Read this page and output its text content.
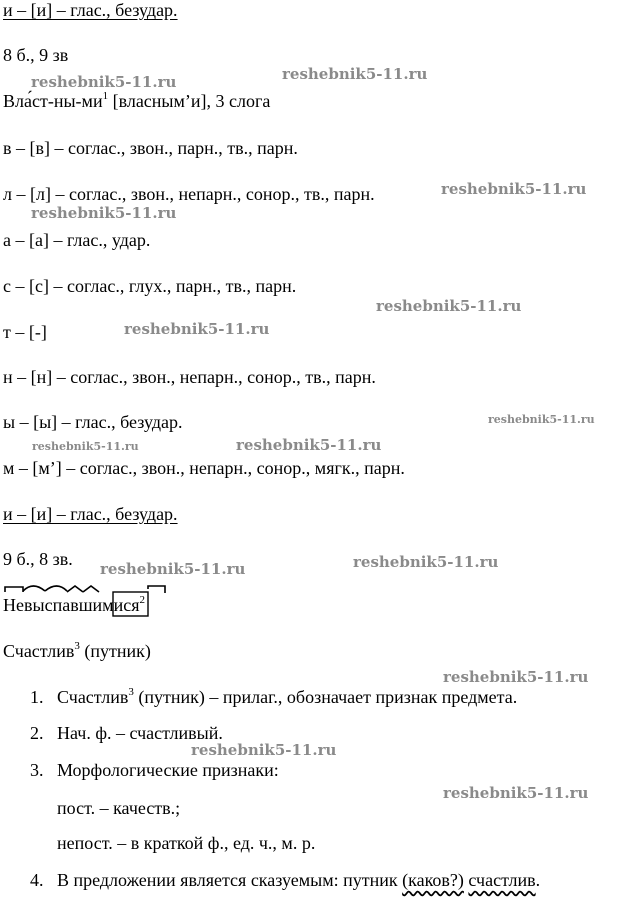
и – [и] – глас., безудар.
8 б., 9 зв
$Вла́ст-ны-ми^1$ [власным’и], 3 слога
в – [в] – соглас., звон., парн., тв., парн.
л – [л] – соглас., звон., непарн., сонор., тв., парн.
а – [а] – глас., удар.
с – [с] – соглас., глух., парн., тв., парн.
т – [-]
н – [н] – соглас., звон., непарн., сонор., тв., парн.
ы – [ы] – глас., безудар.
м – [м’] – соглас., звон., непарн., сонор., мягк., парн.
и – [и] – глас., безудар.
9 б., 8 зв.
Невыспавшимися$^2$
Счастлив$^3$ (путник)
1. Счастлив$^3$ (путник) – прилаг., обозначает признак предмета.
2. Нач. ф. – счастливый.
3. Морфологические признаки:
пост. – качеств.;
непост. – в краткой ф., ед. ч., м. р.
4. В предложении является сказуемым: путник (каков?) счастлив.
reshebnik5-11.ru	reshebnik5-11.ru
reshebnik5-11.ru
reshebnik5-11.ru
reshebnik5-11.ru
reshebnik5-11.ru
reshebnik5-11.ru
reshebnik5-11.ru	reshebnik5-11.ru
reshebnik5-11.ru
reshebnik5-11.ru
reshebnik5-11.ru
reshebnik5-11.ru
reshebnik5-11.ru
